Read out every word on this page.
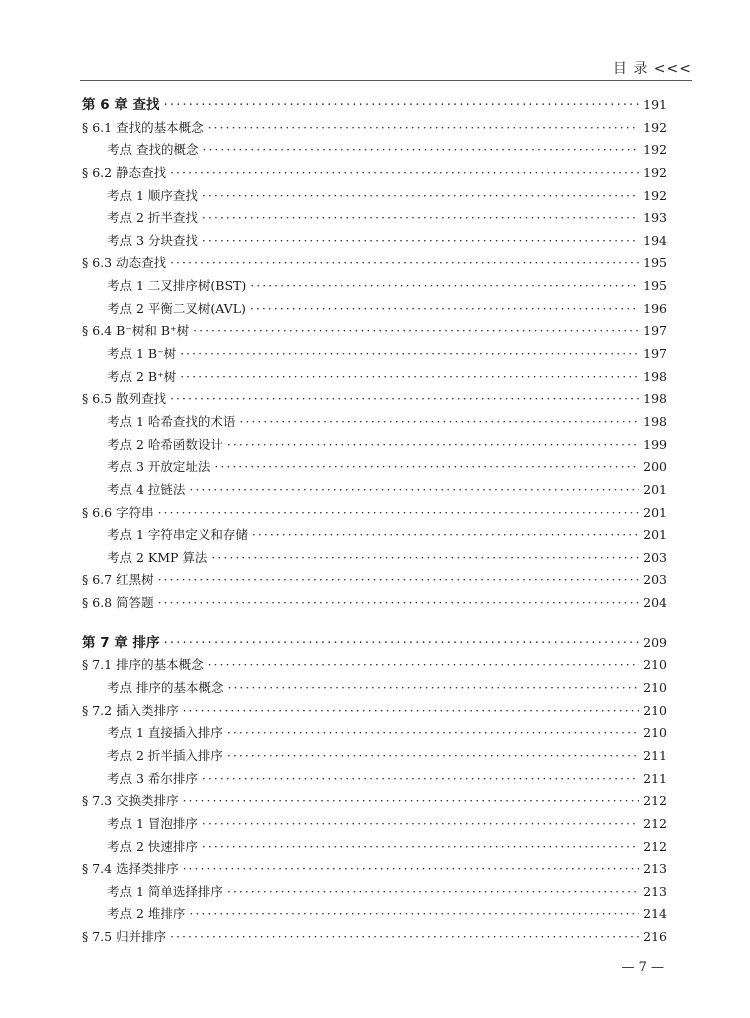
目 录 <<<
第 6 章 查找 ·····	191
§ 6.1 查找的基本概念 ·····	192
考点 查找的概念 ·····	192
§ 6.2 静态查找 ·····	192
考点 1 顺序查找 ·····	192
考点 2 折半查找 ·····	193
考点 3 分块查找 ·····	194
§ 6.3 动态查找 ·····	195
考点 1 二叉排序树(BST) ·····	195
考点 2 平衡二叉树(AVL) ·····	196
§ 6.4 B⁻树和 B⁺树 ·····	197
考点 1 B⁻树 ·····	197
考点 2 B⁺树 ·····	198
§ 6.5 散列查找 ·····	198
考点 1 哈希查找的术语 ·····	198
考点 2 哈希函数设计 ·····	199
考点 3 开放定址法 ·····	200
考点 4 拉链法 ·····	201
§ 6.6 字符串 ·····	201
考点 1 字符串定义和存储 ·····	201
考点 2 KMP 算法 ·····	203
§ 6.7 红黑树 ·····	203
§ 6.8 简答题 ·····	204
第 7 章 排序 ·····	209
§ 7.1 排序的基本概念 ·····	210
考点 排序的基本概念 ·····	210
§ 7.2 插入类排序 ·····	210
考点 1 直接插入排序 ·····	210
考点 2 折半插入排序 ·····	211
考点 3 希尔排序 ·····	211
§ 7.3 交换类排序 ·····	212
考点 1 冒泡排序 ·····	212
考点 2 快速排序 ·····	212
§ 7.4 选择类排序 ·····	213
考点 1 简单选择排序 ·····	213
考点 2 堆排序 ·····	214
§ 7.5 归并排序 ·····	216
— 7 —
